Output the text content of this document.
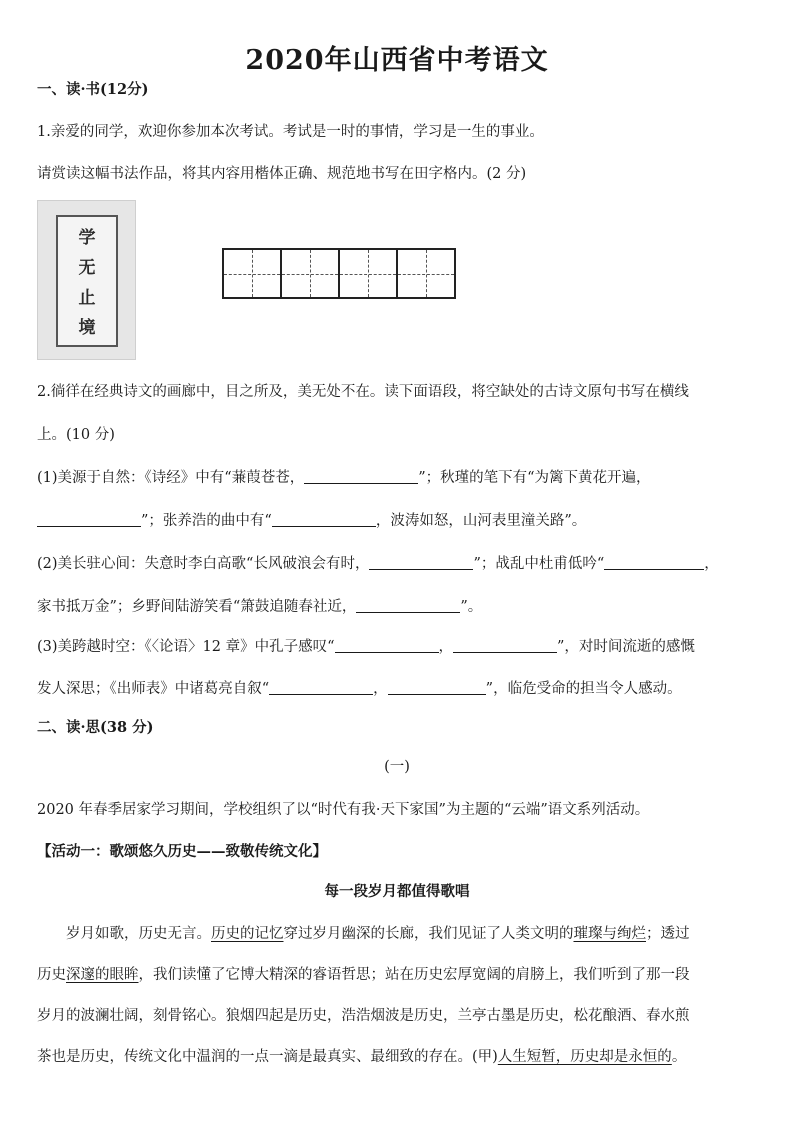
2020年山西省中考语文
一、读·书(12分)
1.亲爱的同学，欢迎你参加本次考试。考试是一时的事情，学习是一生的事业。
请赏读这幅书法作品，将其内容用楷体正确、规范地书写在田字格内。(2 分)
学
无
止
境
2.徜徉在经典诗文的画廊中，目之所及，美无处不在。读下面语段，将空缺处的古诗文原句书写在横线
上。(10 分)
(1)美源于自然：《诗经》中有“蒹葭苍苍，	”；秋瑾的笔下有“为篱下黄花开遍，
”；张养浩的曲中有“	，波涛如怒，山河表里潼关路”。
(2)美长驻心间：失意时李白高歌“长风破浪会有时，	”；战乱中杜甫低吟“	，
家书抵万金”；乡野间陆游笑看“箫鼓追随春社近，	”。
(3)美跨越时空：《〈论语〉12 章》中孔子感叹“	，	”，对时间流逝的感慨
发人深思；《出师表》中诸葛亮自叙“	，	”，临危受命的担当令人感动。
二、读·思(38 分)
(一)
2020 年春季居家学习期间，学校组织了以“时代有我·天下家国”为主题的“云端”语文系列活动。
【活动一：歌颂悠久历史——致敬传统文化】
每一段岁月都值得歌唱
岁月如歌，历史无言。历史的记忆穿过岁月幽深的长廊，我们见证了人类文明的璀璨与绚烂；透过
历史深邃的眼眸，我们读懂了它博大精深的睿语哲思；站在历史宏厚宽阔的肩膀上，我们听到了那一段
岁月的波澜壮阔，刻骨铭心。狼烟四起是历史，浩浩烟波是历史，兰亭古墨是历史，松花酿酒、春水煎
茶也是历史，传统文化中温润的一点一滴是最真实、最细致的存在。(甲)人生短暂，历史却是永恒的。
